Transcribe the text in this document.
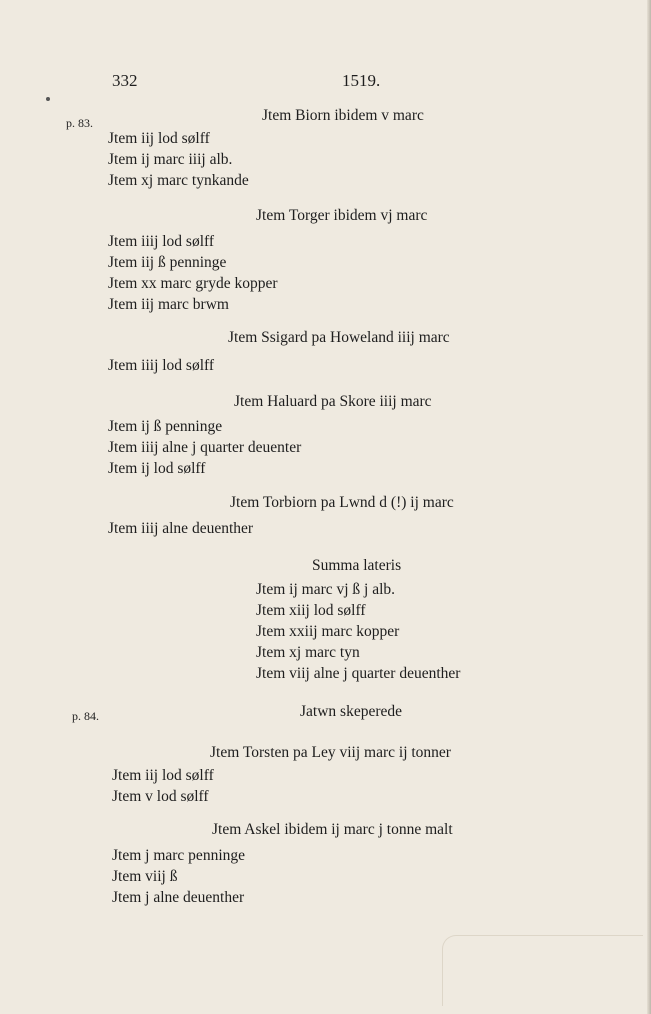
332	1519.
p. 83.
p. 84.
Jtem Biorn ibidem v marc
Jtem iij lod sølff
Jtem ij marc iiij alb.
Jtem xj marc tynkande
Jtem Torger ibidem vj marc
Jtem iiij lod sølff
Jtem iij ß penninge
Jtem xx marc gryde kopper
Jtem iij marc brwm
Jtem Ssigard pa Howeland iiij marc
Jtem iiij lod sølff
Jtem Haluard pa Skore iiij marc
Jtem ij ß penninge
Jtem iiij alne j quarter deuenter
Jtem ij lod sølff
Jtem Torbiorn pa Lwnd d (!) ij marc
Jtem iiij alne deuenther
Summa lateris
Jtem ij marc vj ß j alb.
Jtem xiij lod sølff
Jtem xxiij marc kopper
Jtem xj marc tyn
Jtem viij alne j quarter deuenther
Jatwn skeperede
Jtem Torsten pa Ley viij marc ij tonner
Jtem iij lod sølff
Jtem v lod sølff
Jtem Askel ibidem ij marc j tonne malt
Jtem j marc penninge
Jtem viij ß
Jtem j alne deuenther
